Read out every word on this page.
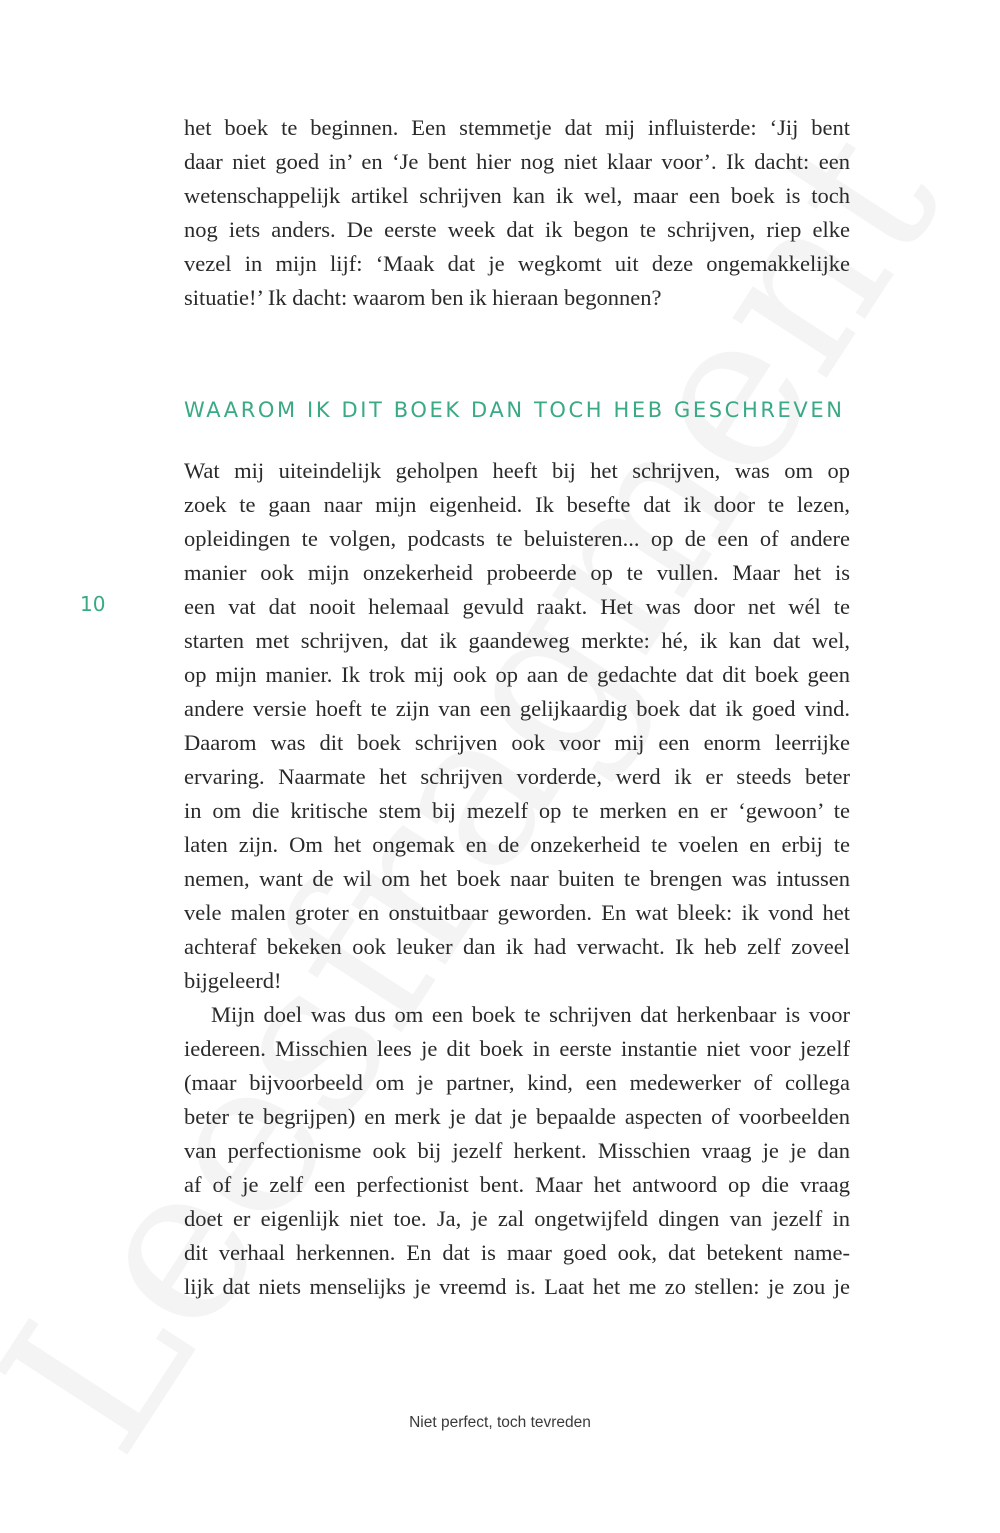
het boek te beginnen. Een stemmetje dat mij influisterde: ‘Jij bent
daar niet goed in’ en ‘Je bent hier nog niet klaar voor’. Ik dacht: een
wetenschappelijk artikel schrijven kan ik wel, maar een boek is toch
nog iets anders. De eerste week dat ik begon te schrijven, riep elke
vezel in mijn lijf: ‘Maak dat je wegkomt uit deze ongemakkelijke
situatie!’ Ik dacht: waarom ben ik hieraan begonnen?
WAAROM IK DIT BOEK DAN TOCH HEB GESCHREVEN
10
Wat mij uiteindelijk geholpen heeft bij het schrijven, was om op
zoek te gaan naar mijn eigenheid. Ik besefte dat ik door te lezen,
opleidingen te volgen, podcasts te beluisteren... op de een of andere
manier ook mijn onzekerheid probeerde op te vullen. Maar het is
een vat dat nooit helemaal gevuld raakt. Het was door net wél te
starten met schrijven, dat ik gaandeweg merkte: hé, ik kan dat wel,
op mijn manier. Ik trok mij ook op aan de gedachte dat dit boek geen
andere versie hoeft te zijn van een gelijkaardig boek dat ik goed vind.
Daarom was dit boek schrijven ook voor mij een enorm leerrijke
ervaring. Naarmate het schrijven vorderde, werd ik er steeds beter
in om die kritische stem bij mezelf op te merken en er ‘gewoon’ te
laten zijn. Om het ongemak en de onzekerheid te voelen en erbij te
nemen, want de wil om het boek naar buiten te brengen was intussen
vele malen groter en onstuitbaar geworden. En wat bleek: ik vond het
achteraf bekeken ook leuker dan ik had verwacht. Ik heb zelf zoveel
bijgeleerd!
Mijn doel was dus om een boek te schrijven dat herkenbaar is voor
iedereen. Misschien lees je dit boek in eerste instantie niet voor jezelf
(maar bijvoorbeeld om je partner, kind, een medewerker of collega
beter te begrijpen) en merk je dat je bepaalde aspecten of voorbeelden
van perfectionisme ook bij jezelf herkent. Misschien vraag je je dan
af of je zelf een perfectionist bent. Maar het antwoord op die vraag
doet er eigenlijk niet toe. Ja, je zal ongetwijfeld dingen van jezelf in
dit verhaal herkennen. En dat is maar goed ook, dat betekent name-
lijk dat niets menselijks je vreemd is. Laat het me zo stellen: je zou je
Niet perfect, toch tevreden
